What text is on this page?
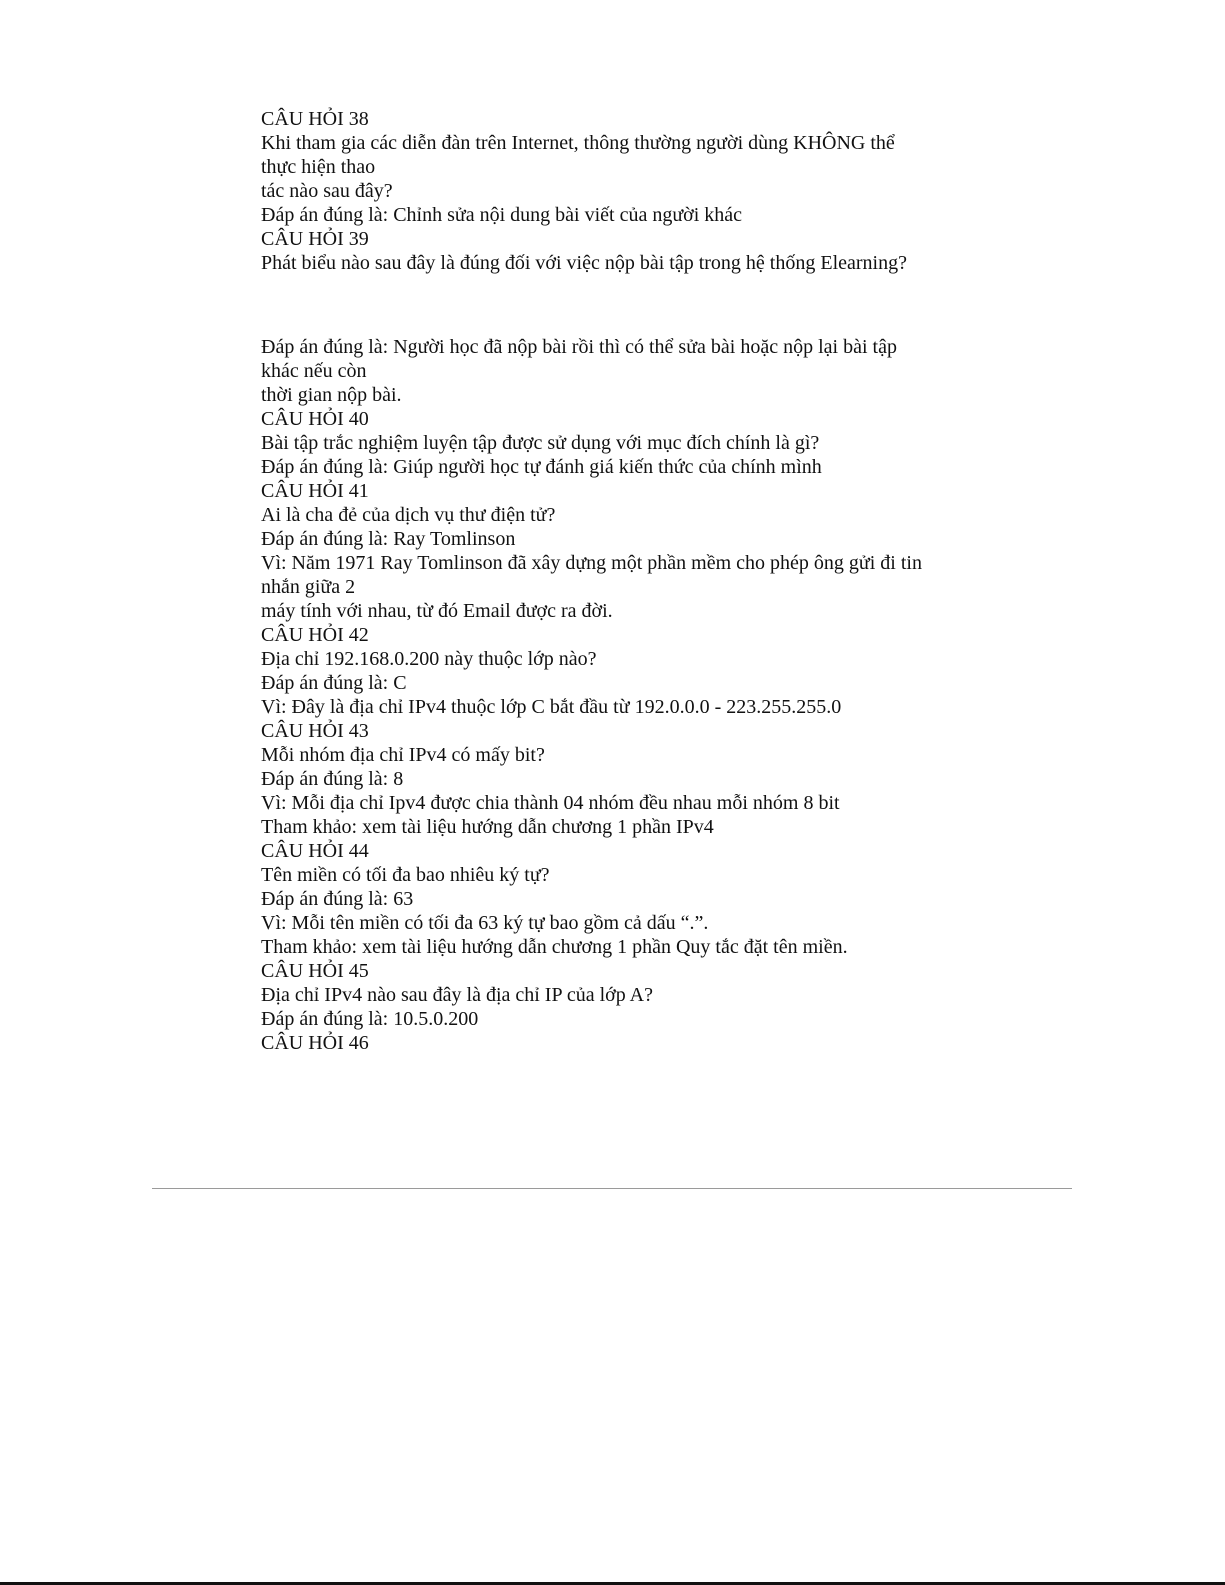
CÂU HỎI 38
Khi tham gia các diễn đàn trên Internet, thông thường người dùng KHÔNG thể
thực hiện thao
tác nào sau đây?
Đáp án đúng là: Chỉnh sửa nội dung bài viết của người khác
CÂU HỎI 39
Phát biểu nào sau đây là đúng đối với việc nộp bài tập trong hệ thống Elearning?
Đáp án đúng là: Người học đã nộp bài rồi thì có thể sửa bài hoặc nộp lại bài tập
khác nếu còn
thời gian nộp bài.
CÂU HỎI 40
Bài tập trắc nghiệm luyện tập được sử dụng với mục đích chính là gì?
Đáp án đúng là: Giúp người học tự đánh giá kiến thức của chính mình
CÂU HỎI 41
Ai là cha đẻ của dịch vụ thư điện tử?
Đáp án đúng là: Ray Tomlinson
Vì: Năm 1971 Ray Tomlinson đã xây dựng một phần mềm cho phép ông gửi đi tin
nhắn giữa 2
máy tính với nhau, từ đó Email được ra đời.
CÂU HỎI 42
Địa chỉ 192.168.0.200 này thuộc lớp nào?
Đáp án đúng là: C
Vì: Đây là địa chỉ IPv4 thuộc lớp C bắt đầu từ 192.0.0.0 - 223.255.255.0
CÂU HỎI 43
Mỗi nhóm địa chỉ IPv4 có mấy bit?
Đáp án đúng là: 8
Vì: Mỗi địa chỉ Ipv4 được chia thành 04 nhóm đều nhau mỗi nhóm 8 bit
Tham khảo: xem tài liệu hướng dẫn chương 1 phần IPv4
CÂU HỎI 44
Tên miền có tối đa bao nhiêu ký tự?
Đáp án đúng là: 63
Vì: Mỗi tên miền có tối đa 63 ký tự bao gồm cả dấu “.”.
Tham khảo: xem tài liệu hướng dẫn chương 1 phần Quy tắc đặt tên miền.
CÂU HỎI 45
Địa chỉ IPv4 nào sau đây là địa chỉ IP của lớp A?
Đáp án đúng là: 10.5.0.200
CÂU HỎI 46
